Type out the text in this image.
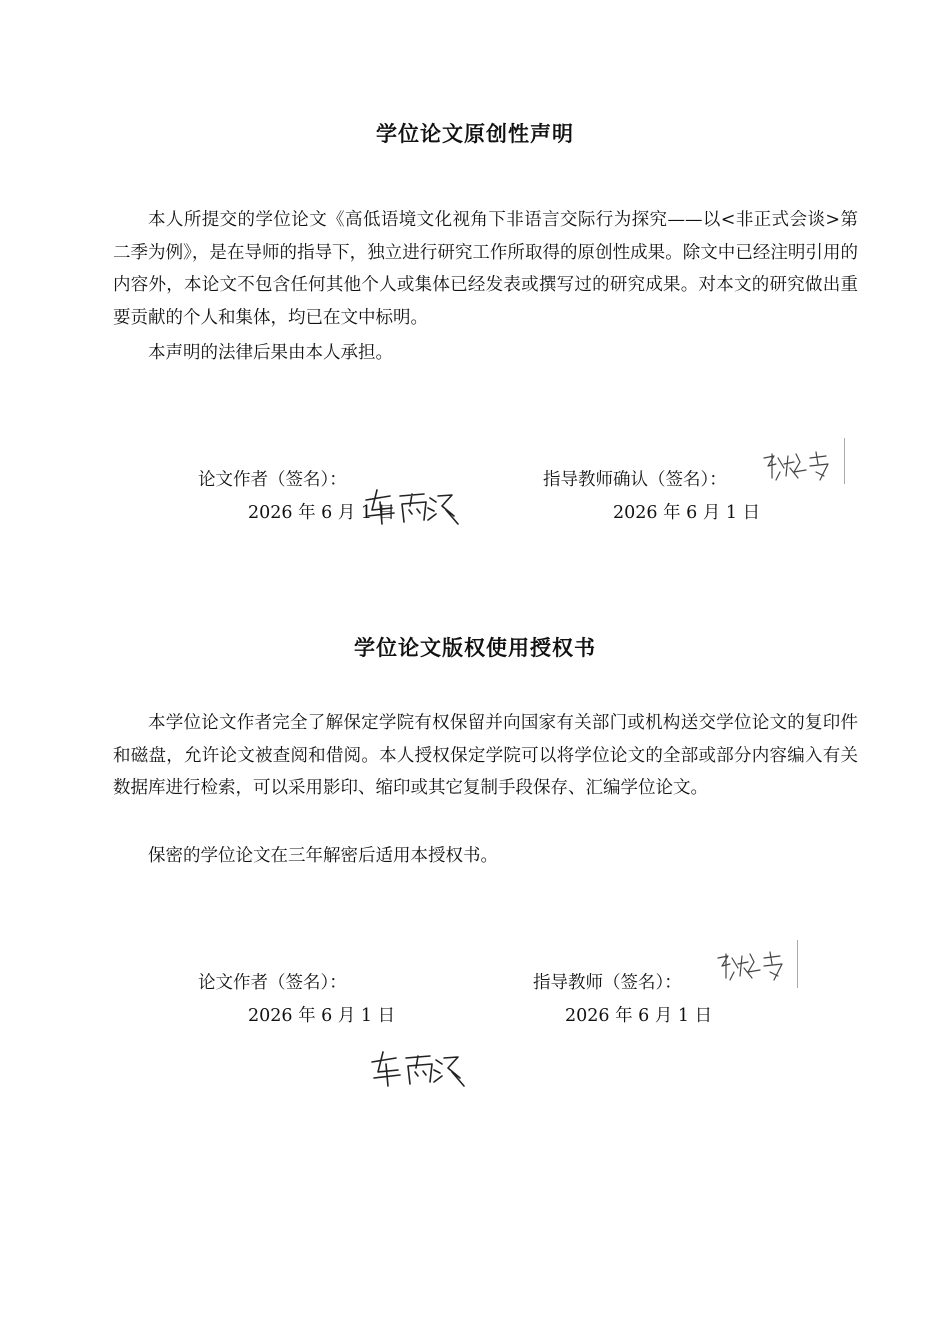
学位论文原创性声明

本人所提交的学位论文《高低语境文化视角下非语言交际行为探究——以<非正式会谈>第二季为例》，是在导师的指导下，独立进行研究工作所取得的原创性成果。除文中已经注明引用的内容外，本论文不包含任何其他个人或集体已经发表或撰写过的研究成果。对本文的研究做出重要贡献的个人和集体，均已在文中标明。

本声明的法律后果由本人承担。

论文作者（签名）：
2026 年 6 月 1 日
指导教师确认（签名）：
2026 年 6 月 1 日
学位论文版权使用授权书

本学位论文作者完全了解保定学院有权保留并向国家有关部门或机构送交学位论文的复印件和磁盘，允许论文被查阅和借阅。本人授权保定学院可以将学位论文的全部或部分内容编入有关数据库进行检索，可以采用影印、缩印或其它复制手段保存、汇编学位论文。

保密的学位论文在三年解密后适用本授权书。

论文作者（签名）：
2026 年 6 月 1 日
指导教师（签名）：
2026 年 6 月 1 日
